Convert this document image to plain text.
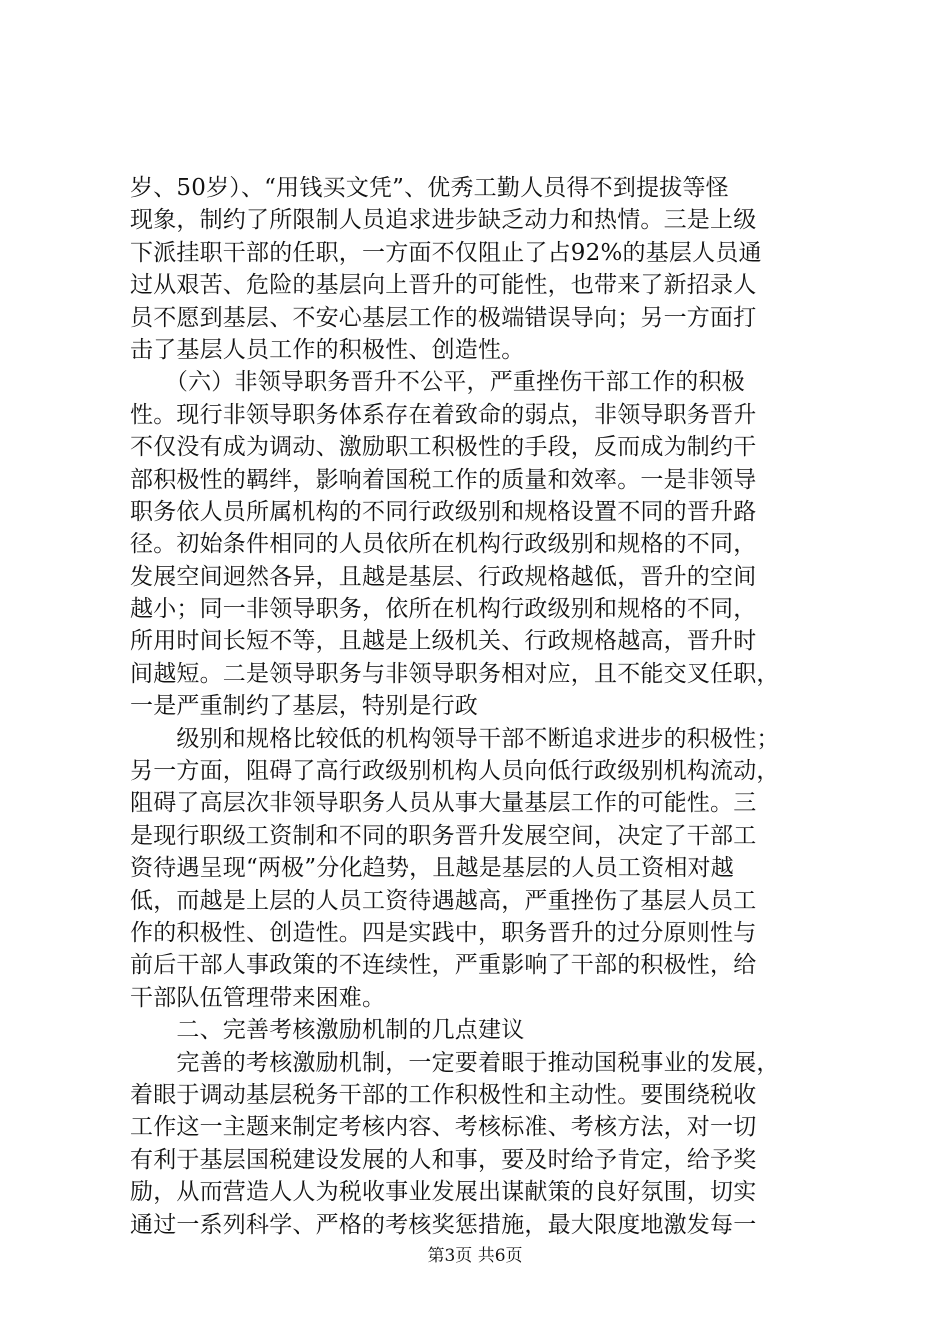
岁、50岁）、“用钱买文凭”、优秀工勤人员得不到提拔等怪
现象，制约了所限制人员追求进步缺乏动力和热情。三是上级
下派挂职干部的任职，一方面不仅阻止了占92%的基层人员通
过从艰苦、危险的基层向上晋升的可能性，也带来了新招录人
员不愿到基层、不安心基层工作的极端错误导向；另一方面打
击了基层人员工作的积极性、创造性。
　　（六）非领导职务晋升不公平，严重挫伤干部工作的积极
性。现行非领导职务体系存在着致命的弱点，非领导职务晋升
不仅没有成为调动、激励职工积极性的手段，反而成为制约干
部积极性的羁绊，影响着国税工作的质量和效率。一是非领导
职务依人员所属机构的不同行政级别和规格设置不同的晋升路
径。初始条件相同的人员依所在机构行政级别和规格的不同，
发展空间迥然各异，且越是基层、行政规格越低，晋升的空间
越小；同一非领导职务，依所在机构行政级别和规格的不同，
所用时间长短不等，且越是上级机关、行政规格越高，晋升时
间越短。二是领导职务与非领导职务相对应，且不能交叉任职，
一是严重制约了基层，特别是行政
　　级别和规格比较低的机构领导干部不断追求进步的积极性；
另一方面，阻碍了高行政级别机构人员向低行政级别机构流动，
阻碍了高层次非领导职务人员从事大量基层工作的可能性。三
是现行职级工资制和不同的职务晋升发展空间，决定了干部工
资待遇呈现“两极”分化趋势，且越是基层的人员工资相对越
低，而越是上层的人员工资待遇越高，严重挫伤了基层人员工
作的积极性、创造性。四是实践中，职务晋升的过分原则性与
前后干部人事政策的不连续性，严重影响了干部的积极性，给
干部队伍管理带来困难。
　　二、完善考核激励机制的几点建议
　　完善的考核激励机制，一定要着眼于推动国税事业的发展，
着眼于调动基层税务干部的工作积极性和主动性。要围绕税收
工作这一主题来制定考核内容、考核标准、考核方法，对一切
有利于基层国税建设发展的人和事，要及时给予肯定，给予奖
励，从而营造人人为税收事业发展出谋献策的良好氛围，切实
通过一系列科学、严格的考核奖惩措施，最大限度地激发每一
第3页 共6页
